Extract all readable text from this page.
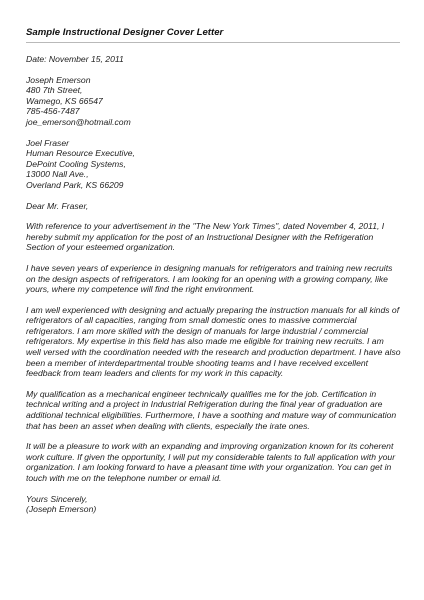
Sample Instructional Designer Cover Letter

Date: November 15, 2011

Joseph Emerson
480 7th Street,
Wamego, KS 66547
785-456-7487
joe_emerson@hotmail.com

Joel Fraser
Human Resource Executive,
DePoint Cooling Systems,
13000 Nall Ave.,
Overland Park, KS 66209

Dear Mr. Fraser,

With reference to your advertisement in the "The New York Times", dated November 4, 2011, I
hereby submit my application for the post of an Instructional Designer with the Refrigeration
Section of your esteemed organization.

I have seven years of experience in designing manuals for refrigerators and training new recruits
on the design aspects of refrigerators. I am looking for an opening with a growing company, like
yours, where my competence will find the right environment.

I am well experienced with designing and actually preparing the instruction manuals for all kinds of
refrigerators of all capacities, ranging from small domestic ones to massive commercial
refrigerators. I am more skilled with the design of manuals for large industrial / commercial
refrigerators. My expertise in this field has also made me eligible for training new recruits. I am
well versed with the coordination needed with the research and production department. I have also
been a member of interdepartmental trouble shooting teams and I have received excellent
feedback from team leaders and clients for my work in this capacity.

My qualification as a mechanical engineer technically qualifies me for the job. Certification in
technical writing and a project in Industrial Refrigeration during the final year of graduation are
additional technical eligibilities. Furthermore, I have a soothing and mature way of communication
that has been an asset when dealing with clients, especially the irate ones.

It will be a pleasure to work with an expanding and improving organization known for its coherent
work culture. If given the opportunity, I will put my considerable talents to full application with your
organization. I am looking forward to have a pleasant time with your organization. You can get in
touch with me on the telephone number or email id.

Yours Sincerely,
(Joseph Emerson)
